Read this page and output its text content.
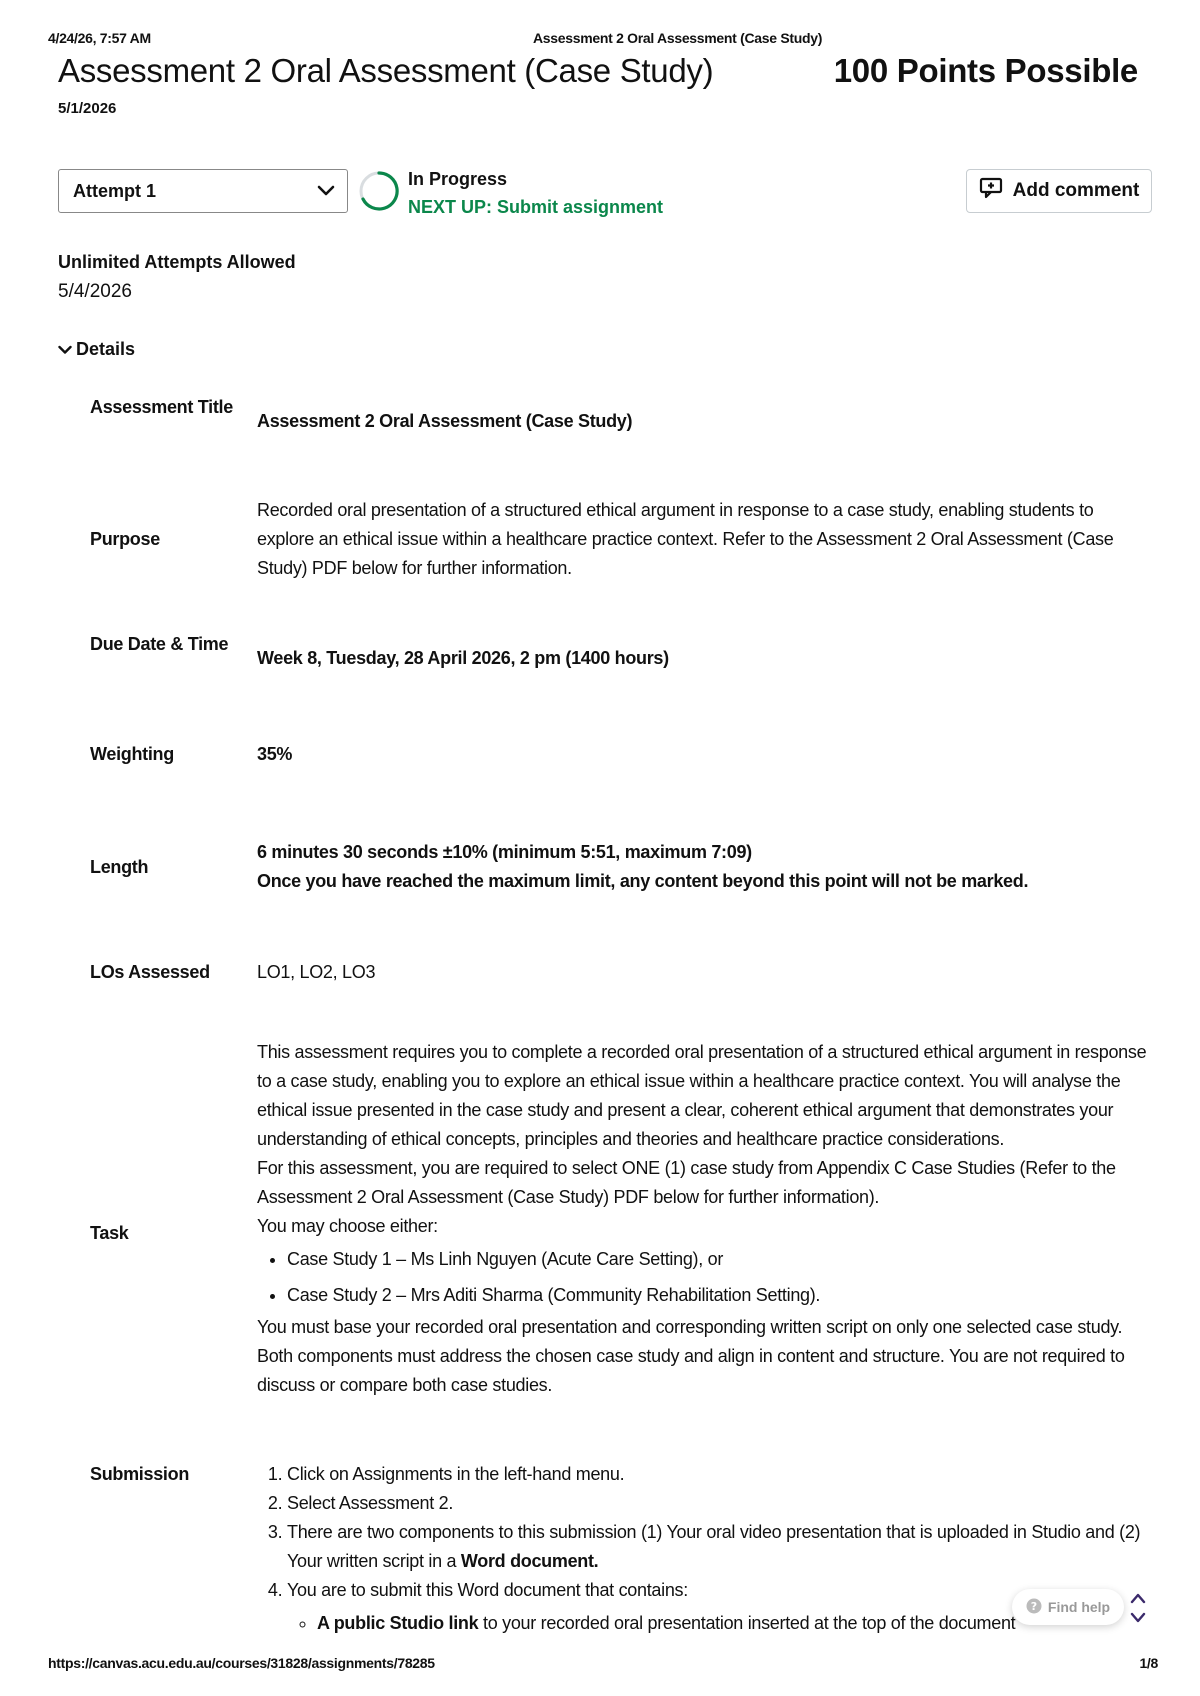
4/24/26, 7:57 AM	Assessment 2 Oral Assessment (Case Study)
Assessment 2 Oral Assessment (Case Study)	100 Points Possible
5/1/2026
Attempt 1
In Progress
NEXT UP: Submit assignment
Add comment
Unlimited Attempts Allowed
5/4/2026
Details
Assessment Title
Assessment 2 Oral Assessment (Case Study)
Purpose
Recorded oral presentation of a structured ethical argument in response to a case study, enabling students to explore an ethical issue within a healthcare practice context. Refer to the Assessment 2 Oral Assessment (Case Study) PDF below for further information.
Due Date & Time
Week 8, Tuesday, 28 April 2026, 2 pm (1400 hours)
Weighting	35%
Length
6 minutes 30 seconds ±10% (minimum 5:51, maximum 7:09)
Once you have reached the maximum limit, any content beyond this point will not be marked.
LOs Assessed	LO1, LO2, LO3
Task
This assessment requires you to complete a recorded oral presentation of a structured ethical argument in response to a case study, enabling you to explore an ethical issue within a healthcare practice context. You will analyse the ethical issue presented in the case study and present a clear, coherent ethical argument that demonstrates your understanding of ethical concepts, principles and theories and healthcare practice considerations.
For this assessment, you are required to select ONE (1) case study from Appendix C Case Studies (Refer to the Assessment 2 Oral Assessment (Case Study) PDF below for further information).
You may choose either:
• Case Study 1 – Ms Linh Nguyen (Acute Care Setting), or
• Case Study 2 – Mrs Aditi Sharma (Community Rehabilitation Setting).
You must base your recorded oral presentation and corresponding written script on only one selected case study. Both components must address the chosen case study and align in content and structure. You are not required to discuss or compare both case studies.
Submission
1.	Click on Assignments in the left-hand menu.
2. Select Assessment 2.
3. There are two components to this submission (1) Your oral video presentation that is uploaded in Studio and (2) Your written script in a Word document.
4. You are to submit this Word document that contains:
◦ A public Studio link to your recorded oral presentation inserted at the top of the document
? Find help
https://canvas.acu.edu.au/courses/31828/assignments/78285	1/8
